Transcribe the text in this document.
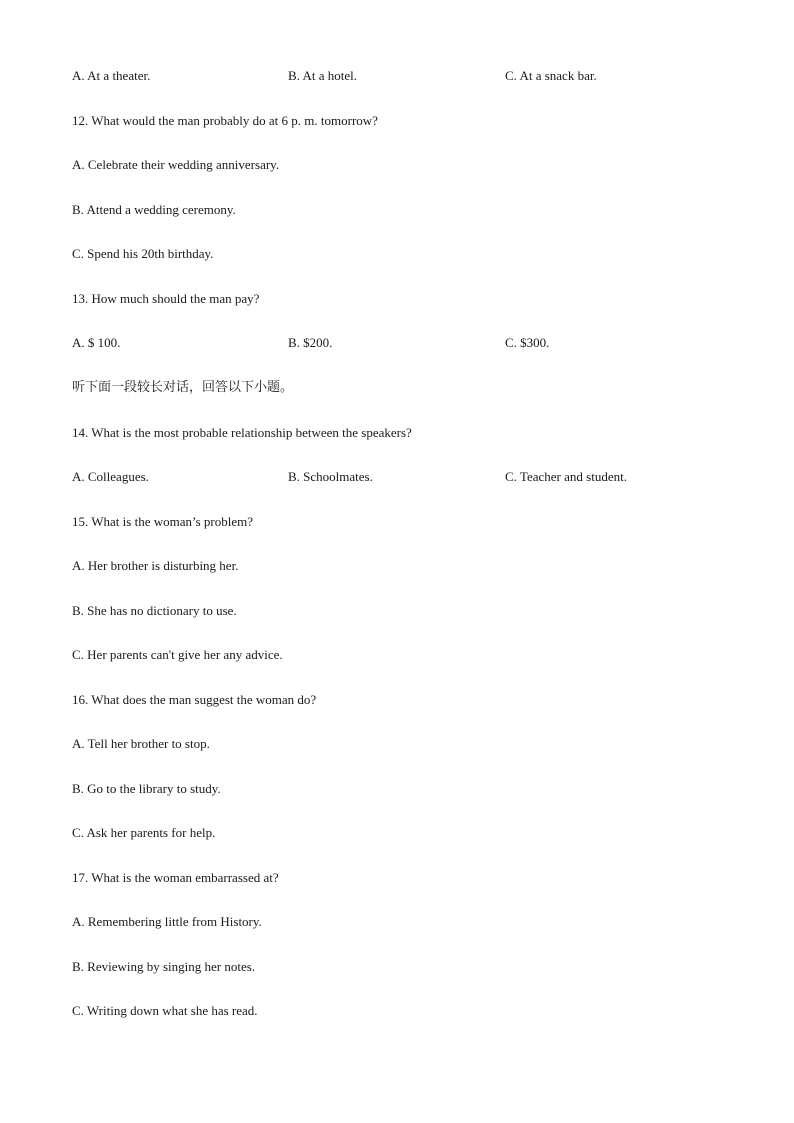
A. At a theater.	B. At a hotel.	C. At a snack bar.
12. What would the man probably do at 6 p. m. tomorrow?
A. Celebrate their wedding anniversary.
B. Attend a wedding ceremony.
C. Spend his 20th birthday.
13. How much should the man pay?
A. $ 100.	B. $200.	C. $300.
听下面一段较长对话，回答以下小题。
14. What is the most probable relationship between the speakers?
A. Colleagues.	B. Schoolmates.	C. Teacher and student.
15. What is the woman’s problem?
A. Her brother is disturbing her.
B. She has no dictionary to use.
C. Her parents can't give her any advice.
16. What does the man suggest the woman do?
A. Tell her brother to stop.
B. Go to the library to study.
C. Ask her parents for help.
17. What is the woman embarrassed at?
A. Remembering little from History.
B. Reviewing by singing her notes.
C. Writing down what she has read.
